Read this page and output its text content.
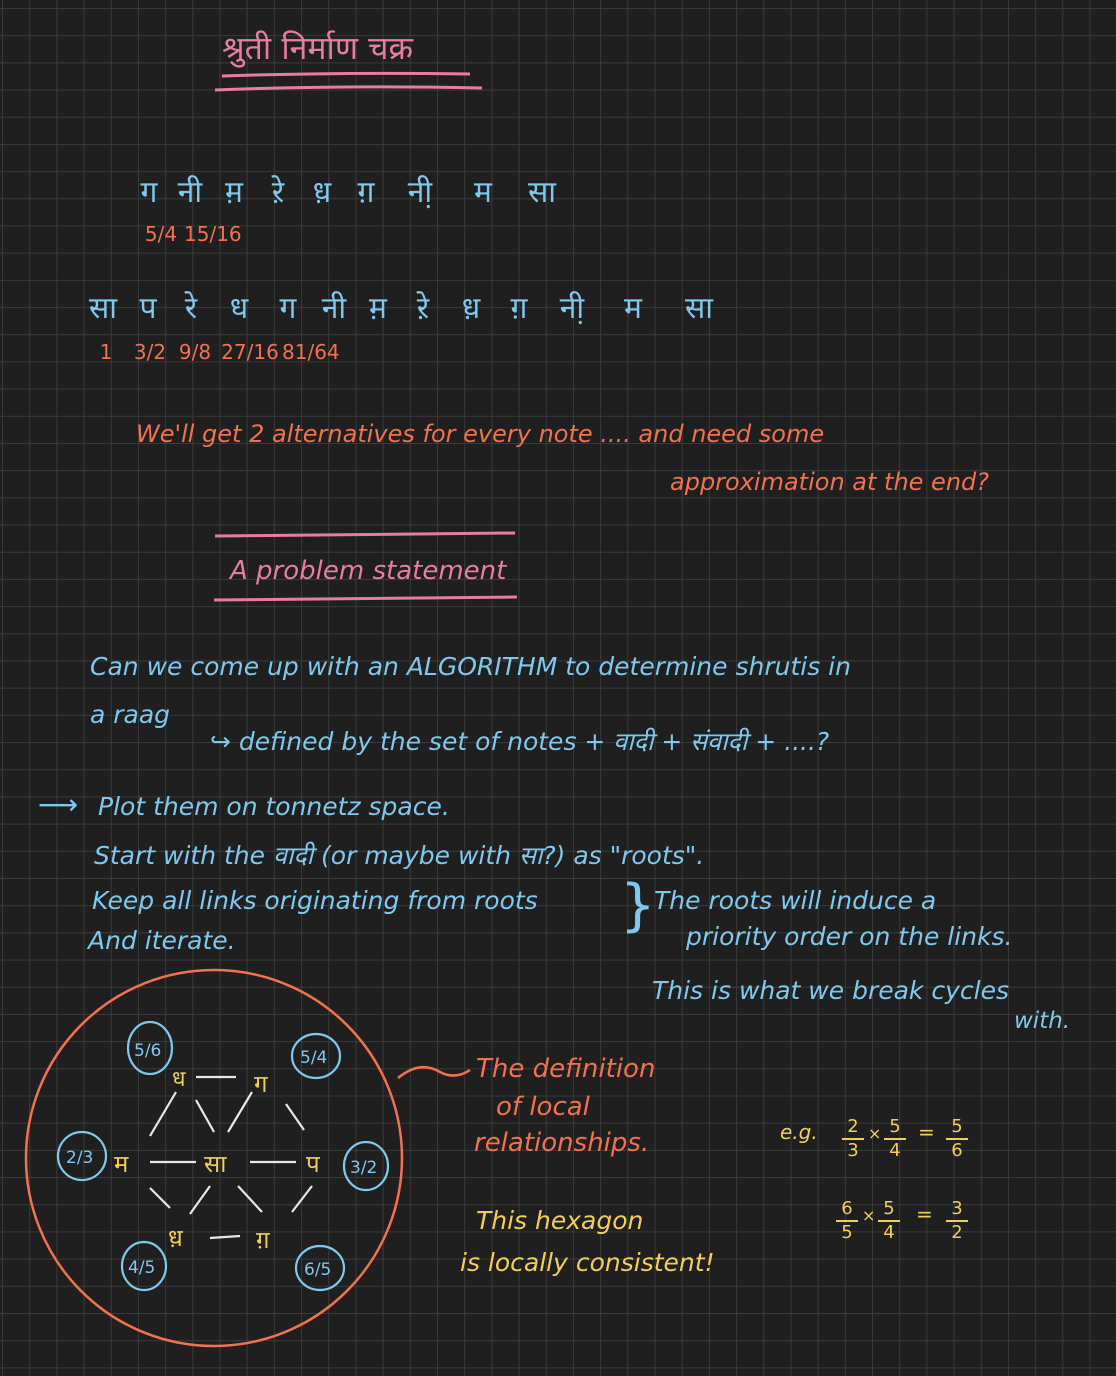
श्रुती निर्माण चक्र
ग नी म़ रे़ ध़ ग़	नी़	म	सा
5/4 15/16
सा प रे	ध	ग नी म़ रे़	ध़	ग़	नी़	म	सा
1	3/2 9/8 27/16 81/64
We'll get 2 alternatives for every note .... and need some
approximation at the end?
A problem statement
Can we come up with an ALGORITHM to determine shrutis in
a raag
↪ defined by the set of notes + वादी + संवादी + ....?
⟶ Plot them on tonnetz space.
Start with the वादी (or maybe with सा?) as "roots".
Keep all links originating from roots
And iterate.
}
The roots will induce a
priority order on the links.
This is what we break cycles
with.
ध	ग
म	सा	प
ध़	ग़
5/6	5/4
2/3	3/2
4/5	6/5
The definition
of local
relationships.
This hexagon
is locally consistent!
e.g. 2
3
× 5
4
= 5
6
6
5
× 5
4
= 3
2
